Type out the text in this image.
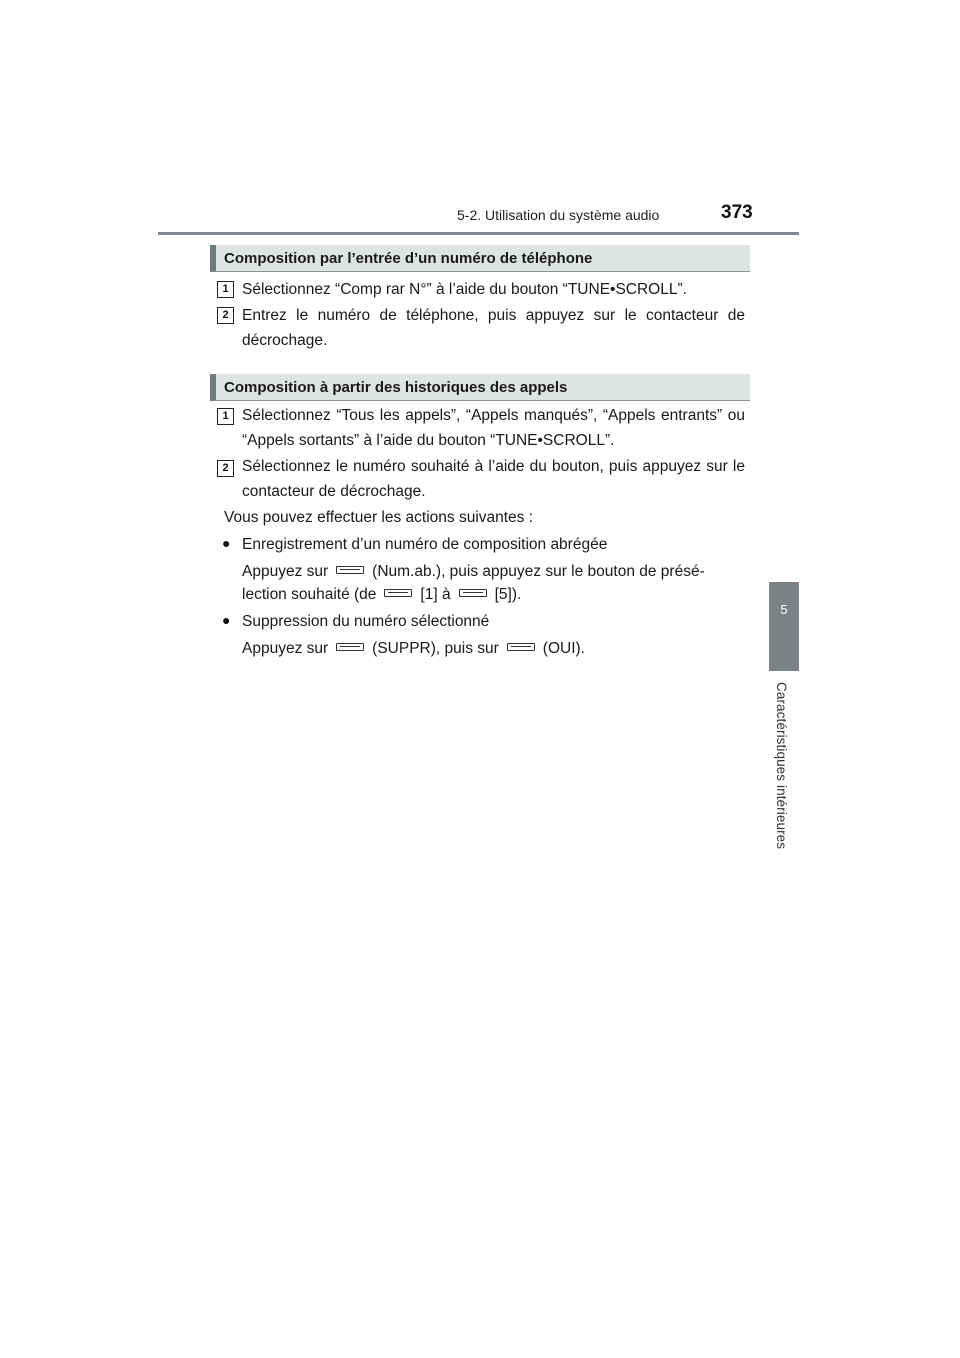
5-2. Utilisation du système audio	373
5
Caractéristiques intérieures
Composition par l’entrée d’un numéro de téléphone
1 Sélectionnez “Comp rar N°” à l’aide du bouton “TUNE•SCROLL”.
2 Entrez le numéro de téléphone, puis appuyez sur le contacteur de décrochage.
Composition à partir des historiques des appels
1 Sélectionnez “Tous les appels”, “Appels manqués”, “Appels entrants” ou “Appels sortants” à l’aide du bouton “TUNE•SCROLL”.
2 Sélectionnez le numéro souhaité à l’aide du bouton, puis appuyez sur le contacteur de décrochage.
Vous pouvez effectuer les actions suivantes :
● Enregistrement d’un numéro de composition abrégée
Appuyez sur	(Num.ab.), puis appuyez sur le bouton de présé-
lection souhaité (de	[1] à	[5]).
● Suppression du numéro sélectionné
Appuyez sur	(SUPPR), puis sur	(OUI).
